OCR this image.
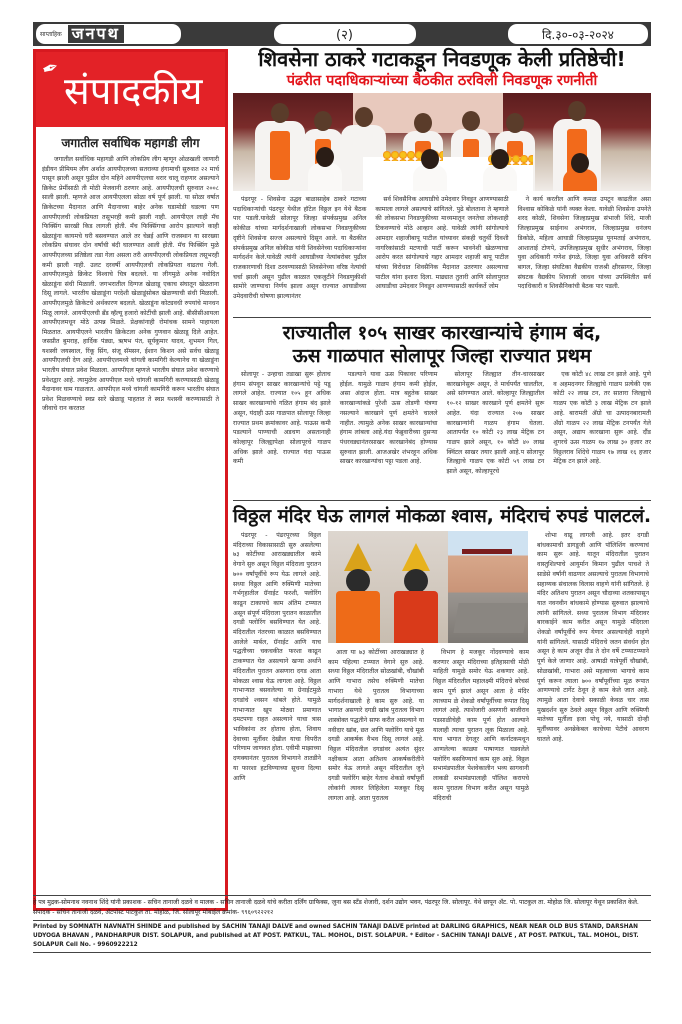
साप्ताहिक जनपथ	(२)	दि.३०-०३-२०२४
✒
संपादकीय
जगातील सर्वाधिक महागडी लीग
जगातील सर्वाधिक महागडी आणि लोकप्रिय लीग म्हणून ओळखली जाणारी इंडीयन प्रीमियम लीग अर्थात आयपीएलच्या सतराव्या हंगामाची सुरुवात २२ मार्च पासून झाली असून पुढील दोन महिने आयपीएलचा थरार चालू राहणार असल्याने क्रिकेट प्रेमींसाठी ती मोठी मेजवानी ठरणार आहे. आयपीएलची सुरुवात २००८ साली झाली. म्हणजे आज आयपीएलला सोळा वर्ष पूर्ण झाली. या सोळा वर्षात क्रिकेटच्या मैदानात आणि मैदानाच्या बाहेर अनेक घडामोडी घडल्या पण आयपीएलची लोकप्रियता तसूभरही कमी झाली नाही. आयपीएल लाही मॅच फिक्सिंग सारखी किड लागली होती. मॅच फिक्सिंगचा आरोप झाल्याने काही खेळाडूंना कायमचे घरी बसवण्यात आले तर चेन्नई आणि राजस्थान या सारख्या लोकप्रिय संघावर दोन वर्षांची बंदी घालण्यात आली होती. मॅच फिक्सिंग मुळे आयपीएलच्या प्रतिष्ठेला तडा गेला असला तरी आयपीएलची लोकप्रियता तसूभरही कमी झाली नाही. उलट दरवर्षी आयपीएलची लोकप्रियता वाढतच गेली. आयपीएलमुळे क्रिकेट विश्वाचे चित्र बदलले. या लीगमुळे अनेक नवोदित खेळाडूंना संधी मिळाली. जगभरातील दिग्गज खेळाडू एकाच संघातून खेळताना दिसू लागले. भारतीय खेळाडूंना परदेशी खेळाडूंसोबत खेळण्याची संधी मिळाली. आयपीएलमुळे क्रिकेटचे अर्थकारण बदलले. खेळाडूंना कोट्यवधी रुपयांचे मानधन मिळू लागले. आयपीएलची ब्रँड व्हॅल्यू हजारो कोटींची झाली आहे. बीसीसीआयला आयपीएलमधून मोठे उत्पन्न मिळते. प्रेक्षकांनाही रोमांचक सामने पाहायला मिळतात. आयपीएलने भारतीय क्रिकेटला अनेक गुणवान खेळाडू दिले आहेत. जसप्रीत बुमराह, हार्दिक पंड्या, ऋषभ पंत, सूर्यकुमार यादव, शुभमन गिल, यशस्वी जयस्वाल, रिंकू सिंग, संजू सॅमसन, ईशान किशन असे सर्वच खेळाडू आयपीएलची देण आहे. आयपीएलमध्ये चांगली कामगिरी केल्यानेच या खेळाडूंना भारतीय संघात प्रवेश मिळाला. आयपीएल म्हणजे भारतीय संघात प्रवेश करण्याचे प्रवेशद्वार आहे. त्यामुळेच आयपीएल मध्ये चांगली कामगिरी करण्यासाठी खेळाडू मैदानावर घाम गाळतात. आयपीएल मध्ये चांगली कामगिरी करून भारतीय संघात प्रवेश मिळवण्याचे स्वप्न सारे खेळाडू पाहतात ते स्वप्न यशस्वी करण्यासाठी ते जीवाचे रान करतात
शिवसेना ठाकरे गटाकडून निवडणूक केली प्रतिष्ठेची!
पंढरीत पदाधिकाऱ्यांच्या बैठकीत ठरविली निवडणूक रणनीती

पंढरपूर - शिवसेना उद्धव बाळासाहेब ठाकरे गटाच्या पदाधिकाऱ्यांची पंढरपूर येथील हॉटेल विठ्ठल इन येथे बैठक पार पडली.यावेळी सोलापूर जिल्हा संपर्कप्रमुख अनिल कोकीळ यांच्या मार्गदर्शनाखाली लोकसभा निवडणुकीच्या दृष्टीने शिवसेना सज्ज असल्याचे दिसून आले. या बैठकीत संपर्कप्रमुख अनिल कोकीळ यांनी शिवसेनेच्या पदाधिकाऱ्यांना मार्गदर्शन केले.यावेळी त्यांनी आघाडीच्या नेत्यांबरोबर पुढील राजकारणाची दिशा ठरवण्यासाठी शिवसेनेच्या वरिष्ठ नेत्यांची चर्चा झाली असून पुढील काळात एकजुटीने निवडणुकीशी सामोरे जाण्याचा निर्णय झाला असून राज्यात आघाडीच्या उमेदवारीची घोषणा झाल्यानंतर

सर्व शिवसैनिक आघाडीचे उमेदवार निवडून आणण्यासाठी कामाला लागले असल्याचे सांगितले. पुढे बोलताना ते म्हणाले की लोकसभा निवडणुकीच्या माध्यमातून जनतेचा लोकशाही टिकवण्याचे मोठे आव्हान आहे. यावेळी त्यांनी सांगोल्याचे आमदार शहाजीबापू पाटील यांच्यावर संकही चतुर्थी दिवशी नागरिकांसाठी मटणाची पार्टी करून भावनेशी खेळण्याचा आरोप करत सांगोल्याचे गद्दार आमदार शहाजी बापू पाटील यांच्या विरोधात शिवसैनिक मैदानात उतरणार असल्याचा पाटील यांना इशारा दिला. माढ्यात तुतारी आणि सोलापुरात आघाडीचा उमेदवार निवडून आणण्यासाठी कार्यकर्ते जोम

ने कार्य करतील आणि कमळ उपटून काढतील असा विश्वास कोकिळे यांनी व्यक्त केला. यावेळी शिवसेना उपनेते शरद कोळी, शिवसेना जिल्हाप्रमुख संभाजी शिंदे, माजी जिल्हाप्रमुख साईनाथ अभंगराव, जिल्हाप्रमुख धनंजय डिकोळे, महिला आघाडी जिल्हाप्रमुख पूनमताई अभंगराव, आशाताई टोणपे, उपजिल्हाप्रमुख सुधीर अभंगराव, जिल्हा युवा अधिकारी गणेश इंगळे, जिल्हा युवा अधिकारी सचिन बागल, जिल्हा संघटिका वैद्यकीय राजश्री क्षीरसागर, जिल्हा संघटक वैद्यकीय शिवाजी जाधव यांच्या उपस्थितीत सर्व पदाधिकारी व शिवसैनिकांची बैठक पार पडली.

राज्यातील १०५ साखर कारखान्यांचे हंगाम बंद,
ऊस गाळपात सोलापूर जिल्हा राज्यात प्रथम

सोलापूर - उन्हाचा तडाखा सुरू होताच हंगाम संपवून साखर कारखान्यांचे पट्टे पडू लागले आहेत. राज्यात १०५ हून अधिक साखर कारखान्यांचे गळित हंगाम बंद झाले असून, यंदाही ऊस गाळपात सोलापूर जिल्हा राज्यात प्रथम क्रमांकावर आहे. पाऊस कमी पडल्याने पाण्याची अडचण असतानाही कोल्हापूर जिल्ह्यापेक्षा सोलापूरचे गाळप अधिक झाले आहे. राज्यात यंदा पाऊस कमी

पडल्याने यावा ऊस पिकावर परिणाम होईल. यामुळे गाळप हंगाम कमी होईल, असा अंदाज होता. मात्र बहुतेक साखर कारखान्यांकडे पुरेशी ऊस तोडणी यंत्रणा नसल्याने कारखाने पूर्ण क्षमतेने चालले नाहीत. त्यामुळे अनेक साखर कारखान्यांचा हंगाम लांबला आहे.यंदा फेब्रुवारीच्या दुसऱ्या पंधरवड्यानंतरसाखर कारखानेबंद होण्यास सुरुवात झाली. आजअखेर शंभरहून अधिक साखर कारखान्यांचा पट्टा पडला आहे.

सोलापूर जिल्ह्यात तीन-चारसाखर कारखानेसुरू असून, ते मार्चपर्यंत चालतील, असे सांगण्यात आले. कोल्हापूर जिल्ह्यातील १०-१२ साखर कारखाने पूर्ण क्षमतेने सुरू आहेत. यंदा राज्यात २०७ साखर कारखान्यांनी गाळप हंगाम घेतला. आतापर्यंत १० कोटी २३ लाख मेट्रिक टन गाळप झाले असून, १० कोटी ४० लाख क्विंटल साखर तयार झाली आहे.प सोलापूर जिल्ह्याचे गाळप एक कोटी ५९ लाख टन झाले असून, कोल्हापूरचे

एक कोटी ४८ लाख टन झाले आहे. पुणे व अहमदनगर जिल्ह्यांचे गाळप प्रत्येकी एक कोटी २२ लाख टन, तर सातारा जिल्ह्याचे गाळप एक कोटी ३ लाख मेट्रिक टन झाले आहे. बारामती ॲग्रो चा उत्पादनबारामती ॲग्रो गाळप २२ लाख मेट्रिक टनपर्यंत गेले असून, अद्याप कारखाना सुरू आहे. दौंड शुगरचे ऊस गाळप १७ लाख ३० हजार तर विठ्ठलराव शिंदेचे गाळप १७ लाख १६ हजार मेट्रिक टन झाले आहे.

विठ्ठल मंदिर घेऊ लागलं मोकळा श्वास, मंदिराचं रुपडं पालटलं.

पंढरपूर - पंढरपूरच्या विठ्ठल मंदिराच्या विकासासाठी सुरु असलेल्या ७३ कोटींच्या आराखड्यातील कामे वेगाने सुरु असून विठ्ठल मंदिराला पुरातन ७०० वर्षांपूर्वीचे रूप येऊ लागले आहे. सध्या विठ्ठल आणि रुक्मिणी मातेच्या गर्भगृहातील ग्रॅनाईट फरशी, फ्लोरिंग काढून टाकायचे काम अंतिम टप्प्यात असून संपूर्ण मंदिराला पुरातन काळातील दगडी फ्लोरिंग बसविण्यात येत आहे. मंदिरातील नंतरच्या काळात बसविण्यात आलेले मार्बल, ग्रॅनाईट आणि याच पद्धतीच्या चकचकीत फरशा काढून टाकण्यात येत असल्याने खऱ्या अर्थाने मंदिरातील पुरातन असणारा दगड आता मोकळा श्वास घेऊ लागला आहे. विठ्ठल गाभाऱ्यात बसवलेल्या या ग्रेनाईटमुळे दगडांचे श्वसन थांबले होते. यामुळे गाभाऱ्यात खूप मोठ्या प्रमाणात दमटपणा राहत असल्याने याचा त्रास भाविकांना तर होताच होता, शिवाय देवाच्या मूर्तीवर देखील याचा विपरीत परिणाम जाणवत होता. एवीमी माझाच्या दणक्यानंतर पुरातत्व विभागाने तातडीने या फारशा हटविण्याच्या सूचना दिल्या आणि

आता या ७३ कोटींच्या आराखड्यात हे काम पहिल्या टप्प्यात वेगाने सुरु आहे. सध्या विठ्ठल मंदिरातील सोळखांबी, चौखांबी आणि गाभारा तसेच रुक्मिणी मातेचा गाभारा येथे पुरातत्व विभागाच्या मार्गदर्शनाखाली हे काम सुरु आहे. या भागात असणारे दगडी खांब पुरातत्व विभाग शास्त्रोक्त पद्धतीने साफ करीत असल्याने या नवीदार खांब, छत आणि फ्लोरिंग याचे मूळ दगडी आकर्षक वैभव दिसू लागलं आहे. विठ्ठल मंदिरातील दगडांवर अत्यंत सुंदर नक्षीकाम आता अतिशय आकर्षकरीतीने समोर येऊ लागले असून मंदिरातील जुने दगडी फ्लोरिंग बाहेर येताच शेकडो वर्षांपूर्वी लोकांनी त्यावर लिहिलेला मजकूर दिसू लागला आहे. आता पुरातत्व

विभाग हे मजकूर नोंदवण्याचे काम करणार असून मंदिराच्या इतिहासाची मोठी माहिती यामुळे समोर येऊ शकणार आहे. विठ्ठल मंदिरातील महालक्ष्मी मंदिराचे बरेचसं काम पूर्ण झालं असून आता हे मंदिर त्याच्याम ळे शेकडो वर्षांपूर्वीच्या रूपात दिसू लागलं आहे. त्याशेजारी असणारी बाजीराव पडसाळीचेही काम पूर्ण होत आल्याने यालाही त्याचा पुरातन लूक मिळाला आहे. याच भागात देगलूर आणि कर्नाटकमधून आणलेल्या काळ्या पाषाणात घडवलेले फ्लोरिंग बसविण्याचं काम सुरु आहे. विठ्ठल सभामंडपातील पेशवेकालीन भव्य सागवानी लाकडी सभामंडपालाही पॉलिश करायचे काम पुरातत्व विभाग करीत असून यामुळे मंदिराची

शोभा वाढू लागली आहे. इतर दगडी बांधकामाची डागडूजी आणि पॉलिशिंग करण्याचं काम सुरू आहे. यातून मंदिरातील पुरातन वास्तुशिल्पाचे आयुर्मान किमान पुढील पाचशे ते साडेसे वर्षांनी वाढणार असल्याचे पुरातत्व विभागाचे सहाय्यक संचालक विलास वाहणे यांनी सांगितले. हे मंदिर अतिशय पुरातन असून चौदाव्या शतकापासून यात नवनवीन बांधकामे होण्यास सुरुवात झाल्याचे त्यांनी सांगितले. सध्या पुरातत्व विभाग मंदिरावर बारकाईने काम करीत असून यामुळे मंदिराला शेकडो वर्षांपूर्वीचे रूप येणार असल्याचेही वाहणे यांनी सांगितले. यासाठी मंदिराचे जतन संवर्धन होत असून हे काम अजून दीड ते दोन वर्षे टप्प्याटप्प्याने पूर्ण केले जाणार आहे. आषाढी यात्रेपूर्वी चौखांबी, सोळखांबी, गाभारा असे महत्वाच्या भागाचे काम पूर्ण करून त्याला ७०० वर्षांपूर्वीच्या मूळ रूपात आणण्याचे टार्गेट ठेवून हे काम केले जात आहे. त्यामुळे आता देवाचे सकाळी केवळ चार तास मुखदर्शन सुरु ठेवले असून विठ्ठल आणि रुक्मिणी मातेच्या मूर्तीला इजा पोचू नये, यासाठी दोन्ही मूर्तींच्यावर अनब्रेकेबल काचेच्या पेटीचे आवरण घातले आहे.

हे पत्र मुद्रक-सोमनाथ नवनाथ शिंदे यांनी प्रकाशक - सचिन तानाजी दळवे व मालक - सचिन तानाजी दळवे यांचे करीता दर्लिंग ग्राफिक्स, जुना बस स्टँड शेजारी, दर्शन उद्योग भवन, पंढरपूर जि. सोलापूर. येथे छापून ॲट. पो. पाटकुल ता. मोहोळ जि. सोलापूर येथून प्रकाशित केले. संपादक - सचिन तानाजी दळवे, ॲटपोस्ट पाटकुल ता. मोहोळ, जि. सोलापूर मोबाईल क्रमांक- ९९६०९२२२१२
Printed by SOMNATH NAVNATH SHINDE and published by SACHIN TANAJI DALVE and owned SACHIN TANAJI DALVE printed at DARLING GRAPHICS, NEAR NEAR OLD BUS STAND, DARSHAN UDYOGA BHAVAN , PANDHARPUR DIST. SOLAPUR, and published at AT POST. PATKUL, TAL. MOHOL, DIST. SOLAPUR. * Editor - SACHIN TANAJI DALVE , AT POST. PATKUL, TAL. MOHOL, DIST. SOLAPUR Cell No. - 9960922212
